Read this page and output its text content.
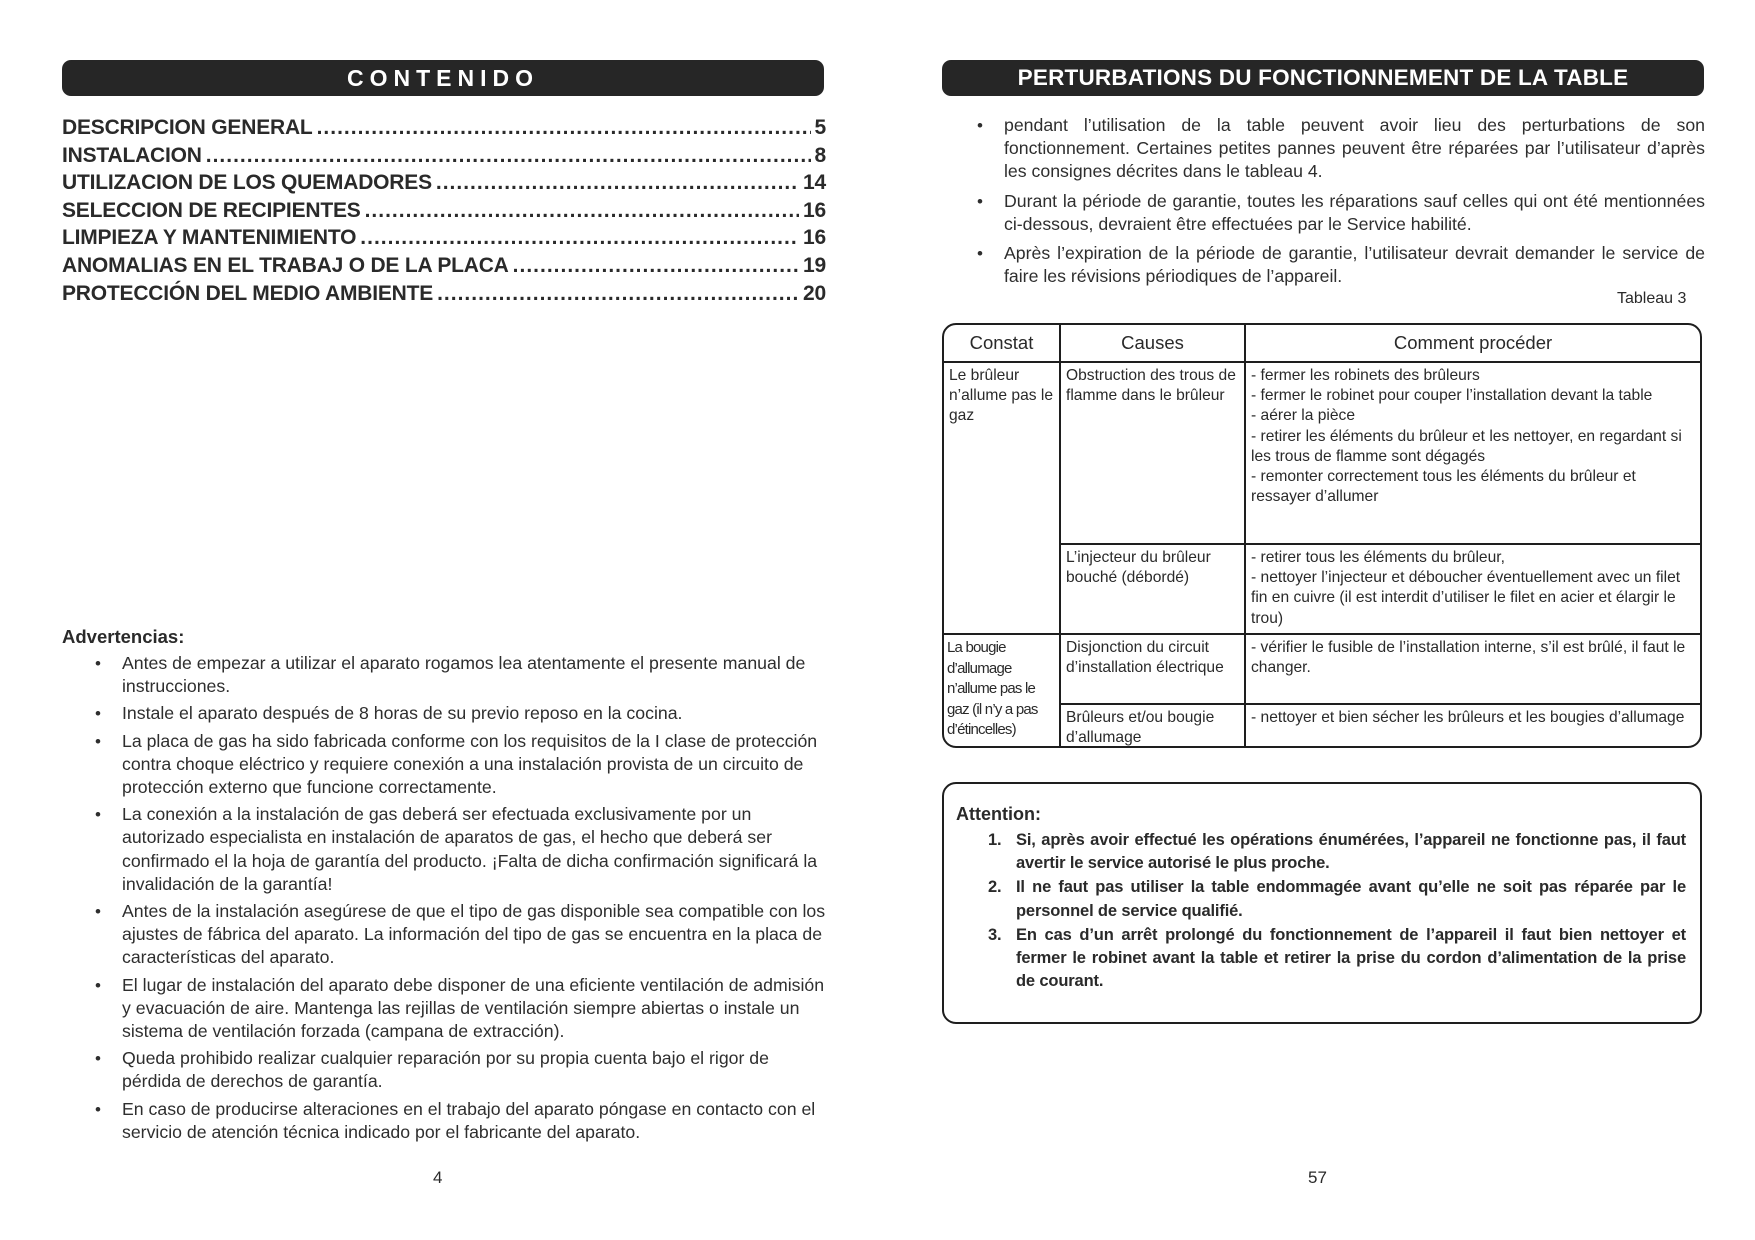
CONTENIDO
DESCRIPCION GENERAL .....	5
INSTALACION .....	8
UTILIZACION DE LOS QUEMADORES .....	14
SELECCION DE RECIPIENTES .....	16
LIMPIEZA Y MANTENIMIENTO .....	16
ANOMALIAS EN EL TRABAJ O DE LA PLACA .....	19
PROTECCIÓN DEL MEDIO AMBIENTE .....	20
Advertencias:
• Antes de empezar a utilizar el aparato rogamos lea atentamente el presente manual de instrucciones.
• Instale el aparato después de 8 horas de su previo reposo en la cocina.
• La placa de gas ha sido fabricada conforme con los requisitos de la I clase de protección contra choque eléctrico y requiere conexión a una instalación provista de un circuito de protección externo que funcione correctamente.
• La conexión a la instalación de gas deberá ser efectuada exclusivamente por un autorizado especialista en instalación de aparatos de gas, el hecho que deberá ser confirmado el la hoja de garantía del producto. ¡Falta de dicha confirmación significará la invalidación de la garantía!
• Antes de la instalación asegúrese de que el tipo de gas disponible sea compatible con los ajustes de fábrica del aparato. La información del tipo de gas se encuentra en la placa de características del aparato.
• El lugar de instalación del aparato debe disponer de una eficiente ventilación de admisión y evacuación de aire. Mantenga las rejillas de ventilación siempre abiertas o instale un sistema de ventilación forzada (campana de extracción).
• Queda prohibido realizar cualquier reparación por su propia cuenta bajo el rigor de pérdida de derechos de garantía.
• En caso de producirse alteraciones en el trabajo del aparato póngase en contacto con el servicio de atención técnica indicado por el fabricante del aparato.
4
PERTURBATIONS DU FONCTIONNEMENT DE LA TABLE
• pendant l’utilisation de la table peuvent avoir lieu des perturbations de son fonctionnement. Certaines petites pannes peuvent être réparées par l’utilisateur d’après les consignes décrites dans le tableau 4.
• Durant la période de garantie, toutes les réparations sauf celles qui ont été mentionnées ci-dessous, devraient être effectuées par le Service habilité.
• Après l’expiration de la période de garantie, l’utilisateur devrait demander le service de faire les révisions périodiques de l’appareil.
Tableau 3
Constat	Causes	Comment procéder
Le brûleur n’allume pas le gaz	Obstruction des trous de flamme dans le brûleur	- fermer les robinets des brûleurs
- fermer le robinet pour couper l’installation devant la table
- aérer la pièce
- retirer les éléments du brûleur et les nettoyer, en regardant si les trous de flamme sont dégagés
- remonter correctement tous les éléments du brûleur et ressayer d’allumer

	L’injecteur du brûleur bouché (débordé)	- retirer tous les éléments du brûleur,
- nettoyer l’injecteur et déboucher éventuellement avec un filet fin en cuivre (il est interdit d’utiliser le filet en acier et élargir le trou)

La bougie d’allumage n’allume pas le gaz (il n’y a pas d’étincelles)	Disjonction du circuit d’installation électrique	- vérifier le fusible de l’installation interne, s’il est brûlé, il faut le changer.

	Brûleurs et/ou bougie d’allumage	- nettoyer et bien sécher les brûleurs et les bougies d’allumage
Attention:
1. Si, après avoir effectué les opérations énumérées, l’appareil ne fonctionne pas, il faut avertir le service autorisé le plus proche.
2. Il ne faut pas utiliser la table endommagée avant qu’elle ne soit pas réparée par le personnel de service qualifié.
3. En cas d’un arrêt prolongé du fonctionnement de l’appareil il faut bien nettoyer et fermer le robinet avant la table et retirer la prise du cordon d’alimentation de la prise de courant.
57
